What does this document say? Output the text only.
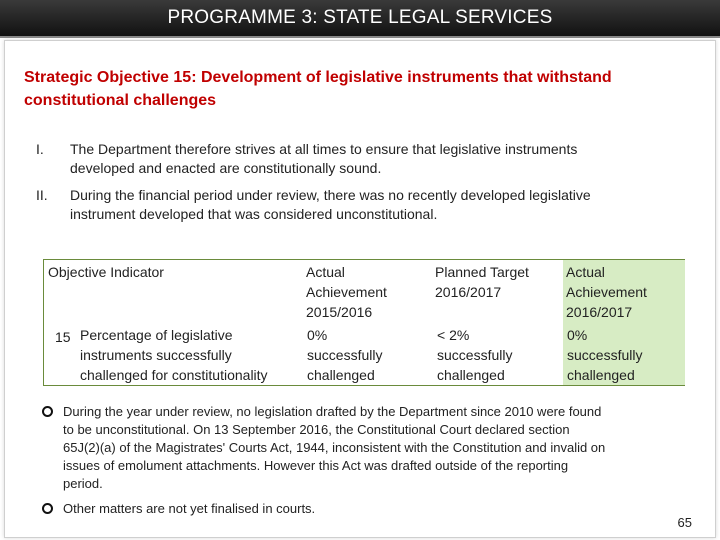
PROGRAMME 3: STATE LEGAL SERVICES
Strategic Objective 15: Development of legislative instruments that withstand
constitutional challenges
I. The Department therefore strives at all times to ensure that legislative instruments
developed and enacted are constitutionally sound.
II. During the financial period under review, there was no recently developed legislative
instrument developed that was considered unconstitutional.
Objective Indicator	Actual
Achievement
2015/2016
Planned Target
2016/2017
Actual
Achievement
2016/2017
15 Percentage of legislative
instruments successfully
challenged for constitutionality
0%
successfully
challenged
< 2%
successfully
challenged
0%
successfully
challenged
During the year under review, no legislation drafted by the Department since 2010 were found
to be unconstitutional. On 13 September 2016, the Constitutional Court declared section
65J(2)(a) of the Magistrates' Courts Act, 1944, inconsistent with the Constitution and invalid on
issues of emolument attachments. However this Act was drafted outside of the reporting
period.
Other matters are not yet finalised in courts.
65
